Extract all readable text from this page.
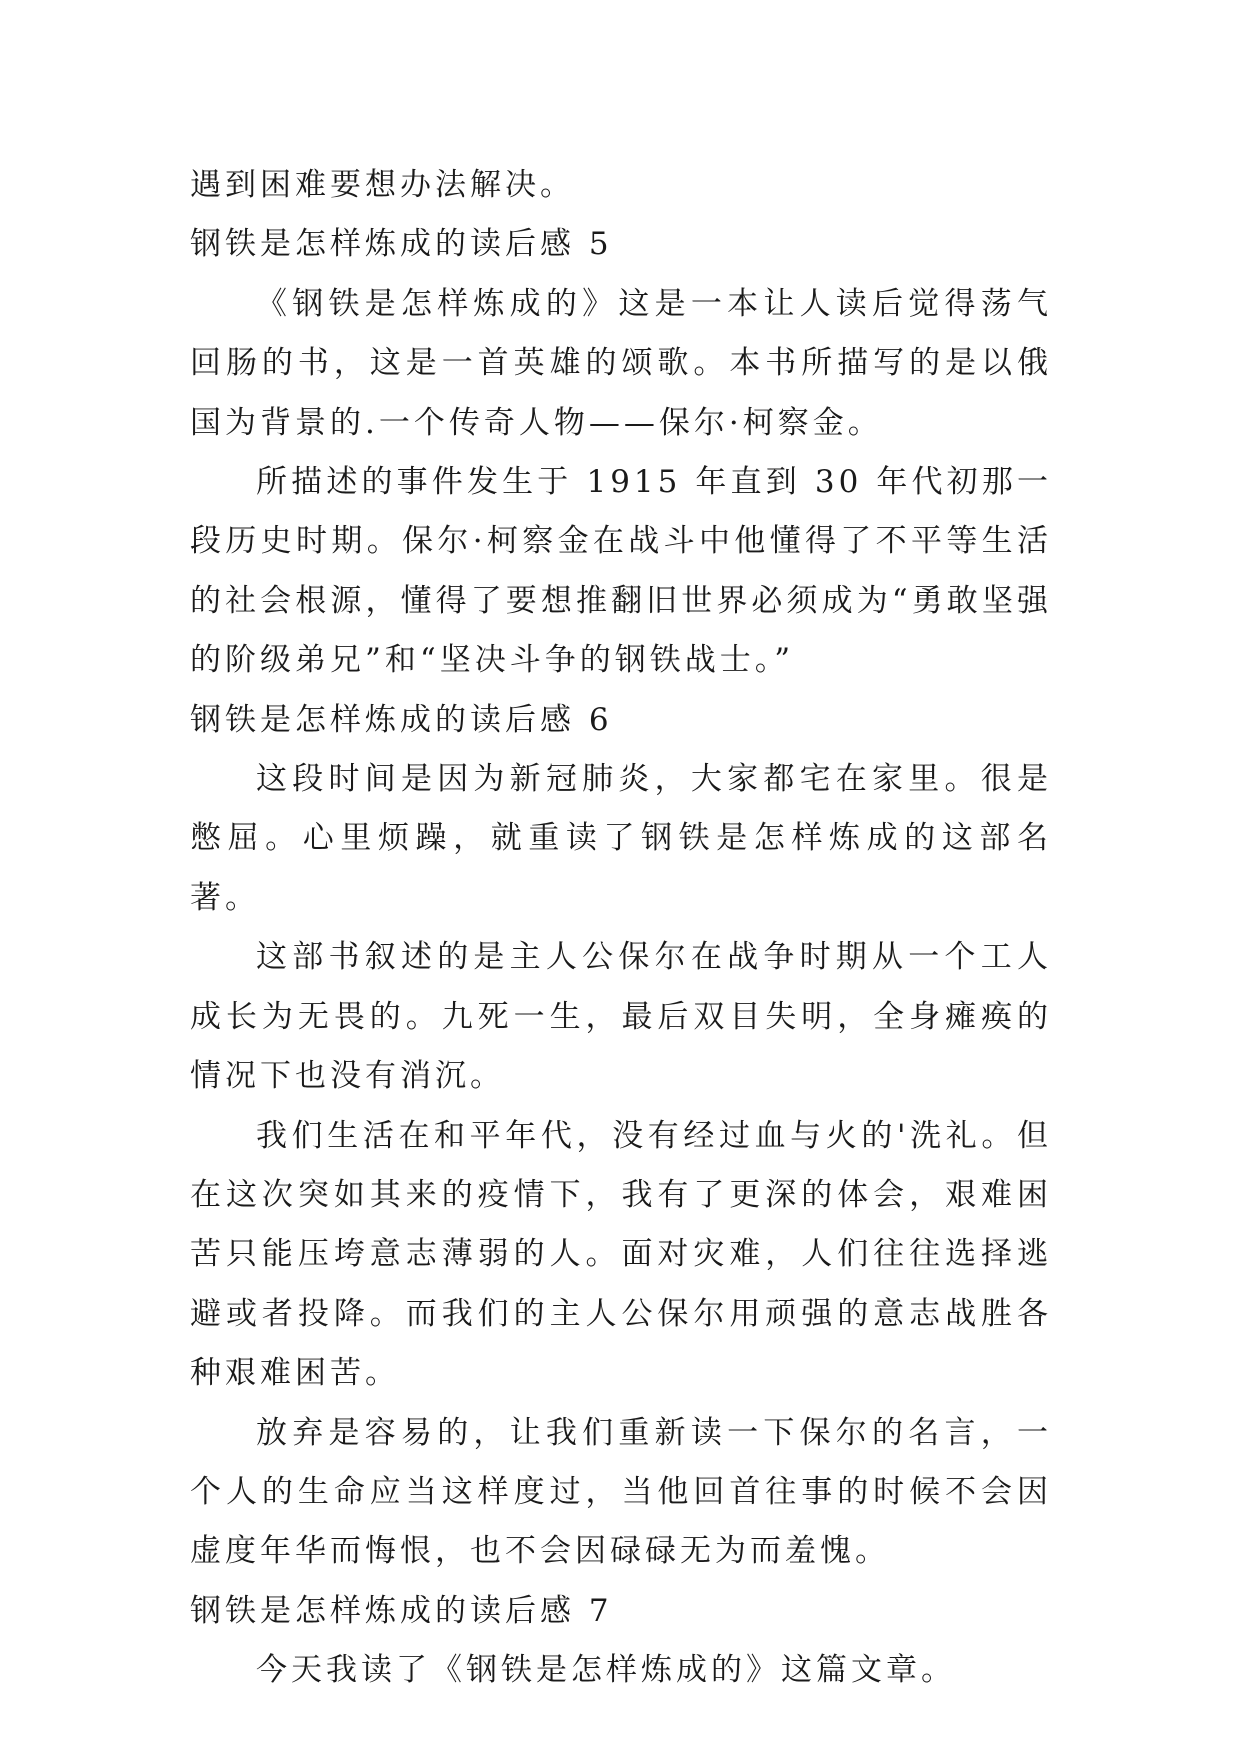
遇到困难要想办法解决。

钢铁是怎样炼成的读后感 5

《钢铁是怎样炼成的》这是一本让人读后觉得荡气回肠的书，这是一首英雄的颂歌。本书所描写的是以俄国为背景的.一个传奇人物——保尔·柯察金。

所描述的事件发生于 1915 年直到 30 年代初那一段历史时期。保尔·柯察金在战斗中他懂得了不平等生活的社会根源，懂得了要想推翻旧世界必须成为“勇敢坚强的阶级弟兄”和“坚决斗争的钢铁战士。”

钢铁是怎样炼成的读后感 6

这段时间是因为新冠肺炎，大家都宅在家里。很是憋屈。心里烦躁，就重读了钢铁是怎样炼成的这部名著。

这部书叙述的是主人公保尔在战争时期从一个工人成长为无畏的。九死一生，最后双目失明，全身瘫痪的情况下也没有消沉。

我们生活在和平年代，没有经过血与火的'洗礼。但在这次突如其来的疫情下，我有了更深的体会，艰难困苦只能压垮意志薄弱的人。面对灾难，人们往往选择逃避或者投降。而我们的主人公保尔用顽强的意志战胜各种艰难困苦。

放弃是容易的，让我们重新读一下保尔的名言，一个人的生命应当这样度过，当他回首往事的时候不会因虚度年华而悔恨，也不会因碌碌无为而羞愧。

钢铁是怎样炼成的读后感 7

今天我读了《钢铁是怎样炼成的》这篇文章。
